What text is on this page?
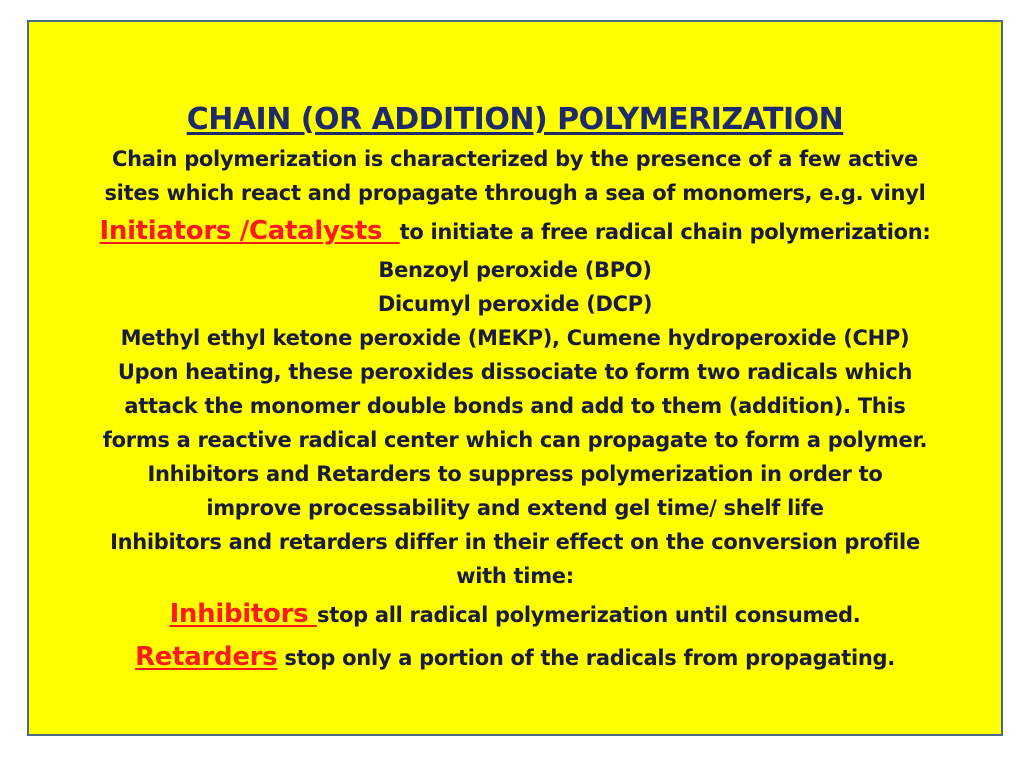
CHAIN (OR ADDITION) POLYMERIZATION

Chain polymerization is characterized by the presence of a few active

sites which react and propagate through a sea of monomers, e.g. vinyl

Initiators /Catalysts  to initiate a free radical chain polymerization:

Benzoyl peroxide (BPO)

Dicumyl peroxide (DCP)

Methyl ethyl ketone peroxide (MEKP), Cumene hydroperoxide (CHP)

Upon heating, these peroxides dissociate to form two radicals which

attack the monomer double bonds and add to them (addition). This

forms a reactive radical center which can propagate to form a polymer.

Inhibitors and Retarders to suppress polymerization in order to

improve processability and extend gel time/ shelf life

Inhibitors and retarders differ in their effect on the conversion profile

with time:

Inhibitors stop all radical polymerization until consumed.

Retarders stop only a portion of the radicals from propagating.
